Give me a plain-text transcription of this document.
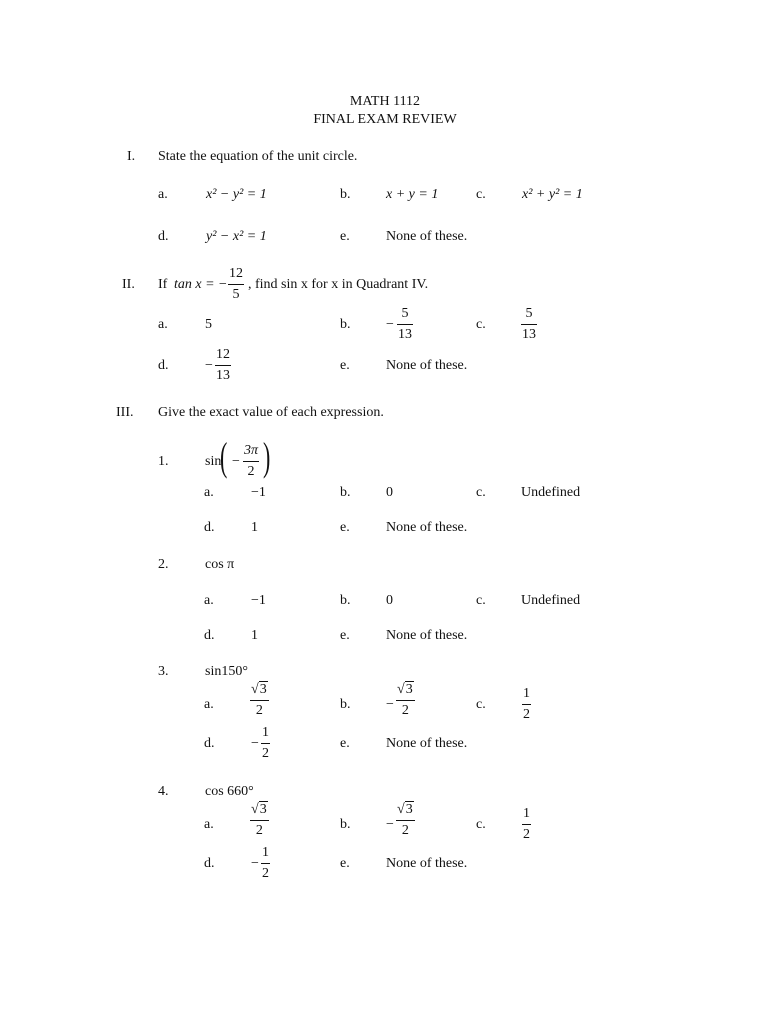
MATH 1112
FINAL EXAM REVIEW
I. State the equation of the unit circle.
a.	x² − y² = 1	b.	x + y = 1	c.	x² + y² = 1
d.	y² − x² = 1	e.	None of these.
II. If tan x = − $\frac{12}{5}$ , find sin x for x in Quadrant IV.
a.	5	b.	− $\frac{5}{13}$	c.	$\frac{5}{13}$
d.	− $\frac{12}{13}$	e.	None of these.
III. Give the exact value of each expression.
1.	sin
( − $\frac{3\pi}{2}$ )
a.	−1	b.	0	c.	Undefined
d.	1	e.	None of these.
2.	cos π
a.	−1	b.	0	c.	Undefined
d.	1	e.	None of these.
3.	sin150°
a.	$\frac{√3}{2}$	b.	− $\frac{√3}{2}$	c.	$\frac{1}{2}$
d.	− $\frac{1}{2}$	e.	None of these.
4.	cos 660°
a.	$\frac{√3}{2}$	b.	− $\frac{√3}{2}$	c.	$\frac{1}{2}$
d.	− $\frac{1}{2}$	e.	None of these.
